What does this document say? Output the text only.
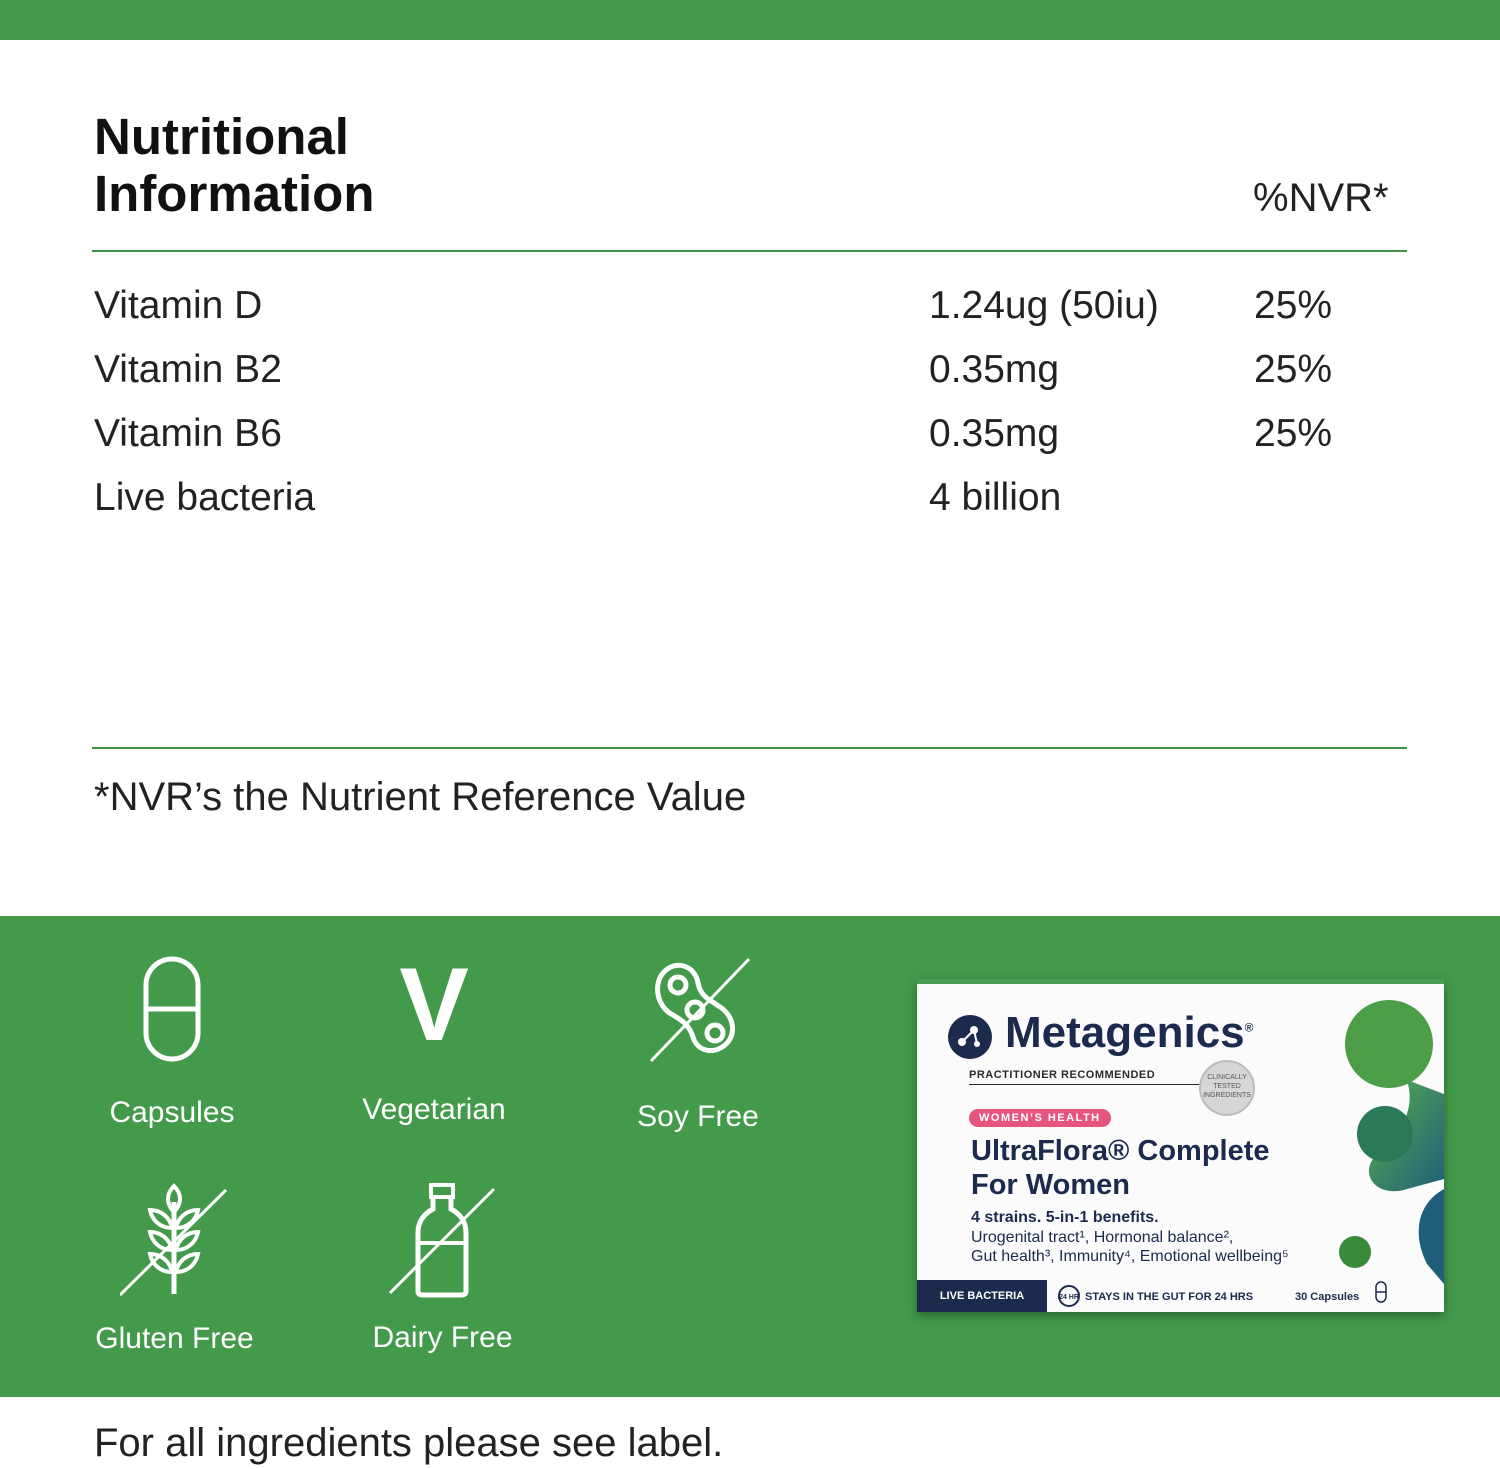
Nutritional
Information	%NVR*
Vitamin D	1.24ug (50iu) 25%
Vitamin B2	0.35mg	25%
Vitamin B6	0.35mg	25%
Live bacteria	4 billion
*NVR’s the Nutrient Reference Value
Capsules
V
Vegetarian	Soy Free
Gluten Free	Dairy Free
Metagenics®
PRACTITIONER RECOMMENDED	CLINICALLY TESTED INGREDIENTS
WOMEN’S HEALTH
UltraFlora® Complete
For Women
4 strains. 5-in-1 benefits.
Urogenital tract¹, Hormonal balance²,
Gut health³, Immunity⁴, Emotional wellbeing⁵
LIVE BACTERIA	24 HR STAYS IN THE GUT FOR 24 HRS	30 Capsules
For all ingredients please see label.
